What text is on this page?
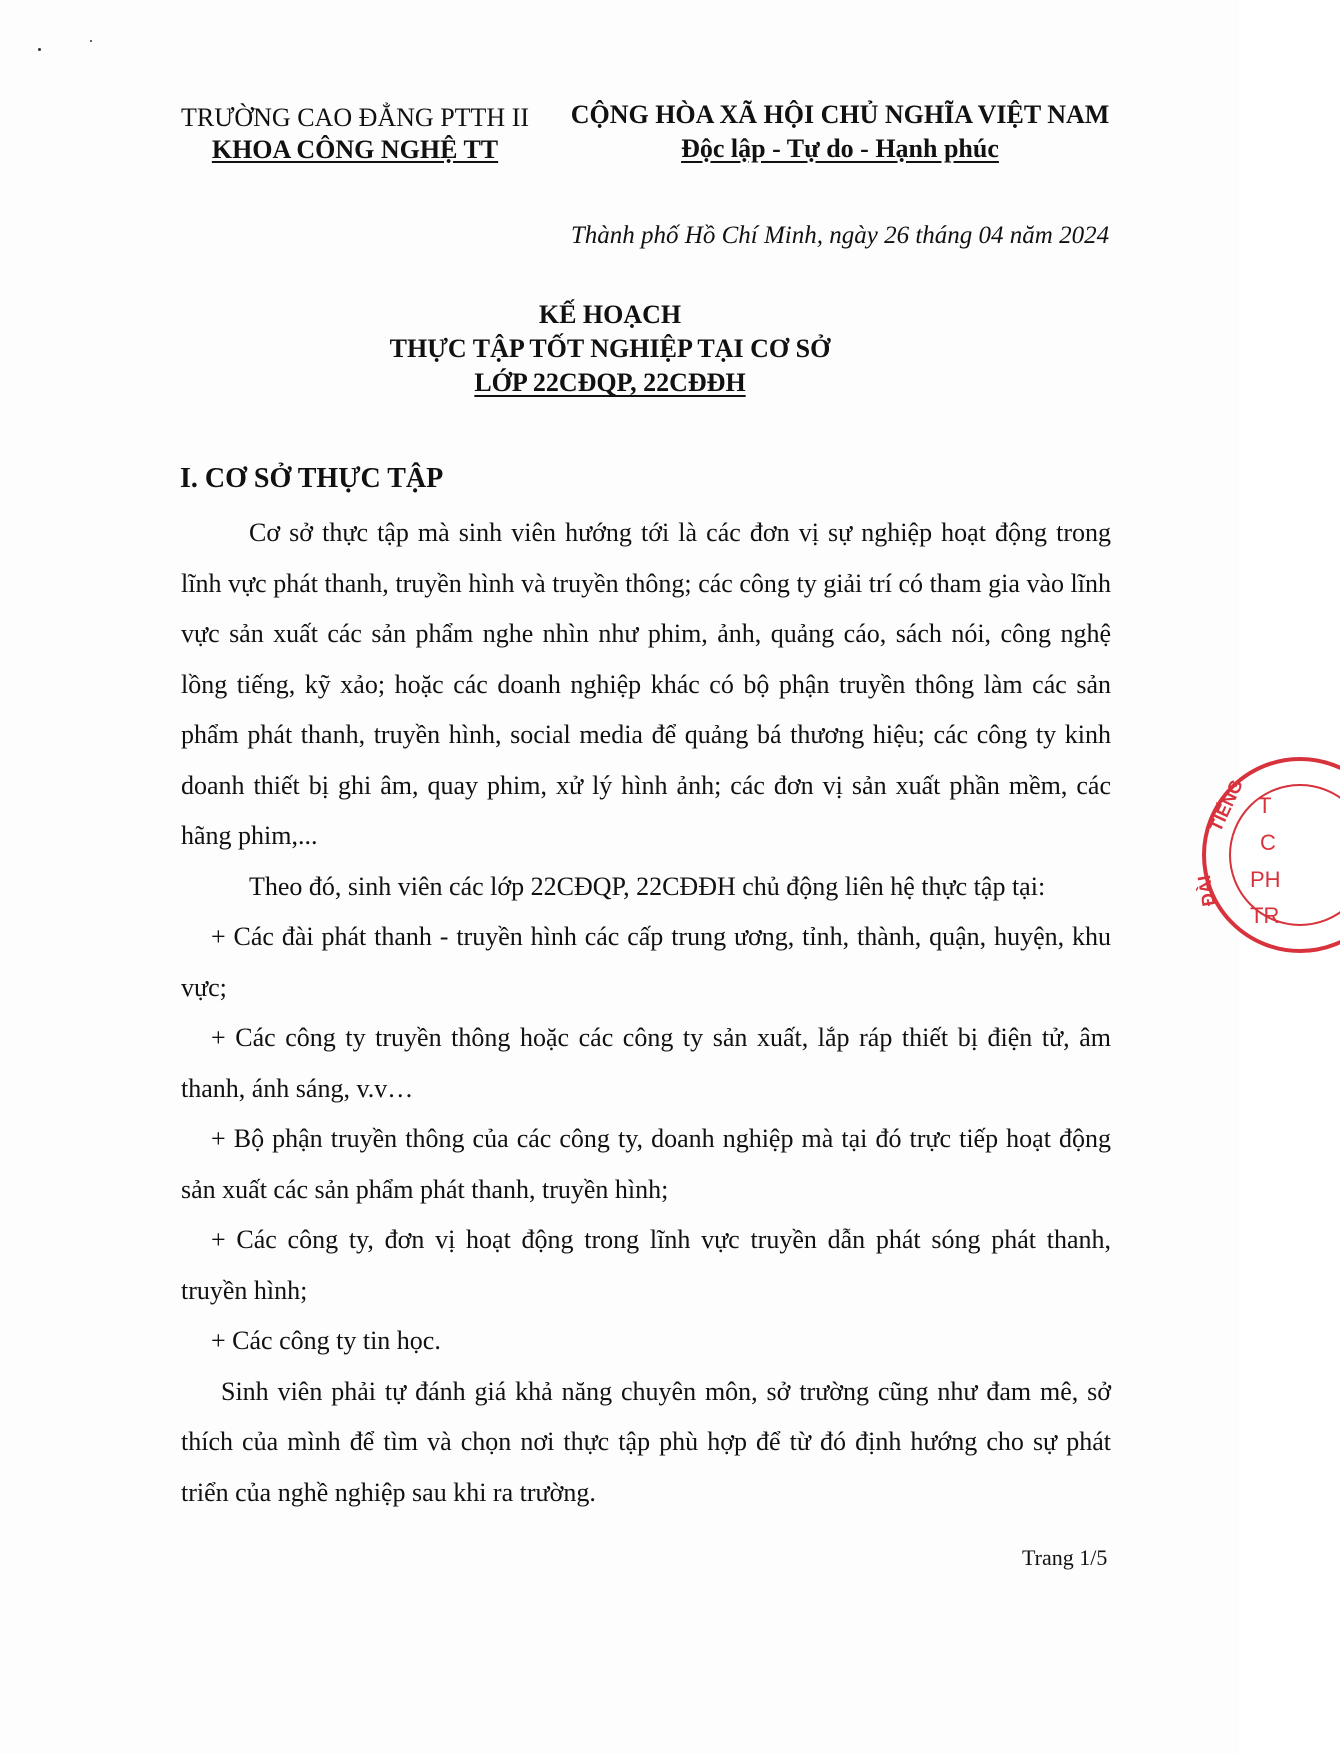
TRƯỜNG CAO ĐẲNG PTTH II
KHOA CÔNG NGHỆ TT
CỘNG HÒA XÃ HỘI CHỦ NGHĨA VIỆT NAM
Độc lập - Tự do - Hạnh phúc
Thành phố Hồ Chí Minh, ngày 26 tháng 04 năm 2024
KẾ HOẠCH
THỰC TẬP TỐT NGHIỆP TẠI CƠ SỞ
LỚP 22CĐQP, 22CĐĐH
I. CƠ SỞ THỰC TẬP

Cơ sở thực tập mà sinh viên hướng tới là các đơn vị sự nghiệp hoạt động trong lĩnh vực phát thanh, truyền hình và truyền thông; các công ty giải trí có tham gia vào lĩnh vực sản xuất các sản phẩm nghe nhìn như phim, ảnh, quảng cáo, sách nói, công nghệ lồng tiếng, kỹ xảo; hoặc các doanh nghiệp khác có bộ phận truyền thông làm các sản phẩm phát thanh, truyền hình, social media để quảng bá thương hiệu; các công ty kinh doanh thiết bị ghi âm, quay phim, xử lý hình ảnh; các đơn vị sản xuất phần mềm, các hãng phim,...

Theo đó, sinh viên các lớp 22CĐQP, 22CĐĐH chủ động liên hệ thực tập tại:

+ Các đài phát thanh - truyền hình các cấp trung ương, tỉnh, thành, quận, huyện, khu vực;

+ Các công ty truyền thông hoặc các công ty sản xuất, lắp ráp thiết bị điện tử, âm thanh, ánh sáng, v.v…

+ Bộ phận truyền thông của các công ty, doanh nghiệp mà tại đó trực tiếp hoạt động sản xuất các sản phẩm phát thanh, truyền hình;

+ Các công ty, đơn vị hoạt động trong lĩnh vực truyền dẫn phát sóng phát thanh, truyền hình;

+ Các công ty tin học.

Sinh viên phải tự đánh giá khả năng chuyên môn, sở trường cũng như đam mê, sở thích của mình để tìm và chọn nơi thực tập phù hợp để từ đó định hướng cho sự phát triển của nghề nghiệp sau khi ra trường.

TIẾNG
ĐÀI
T
C
PH
TR
Trang 1/5
